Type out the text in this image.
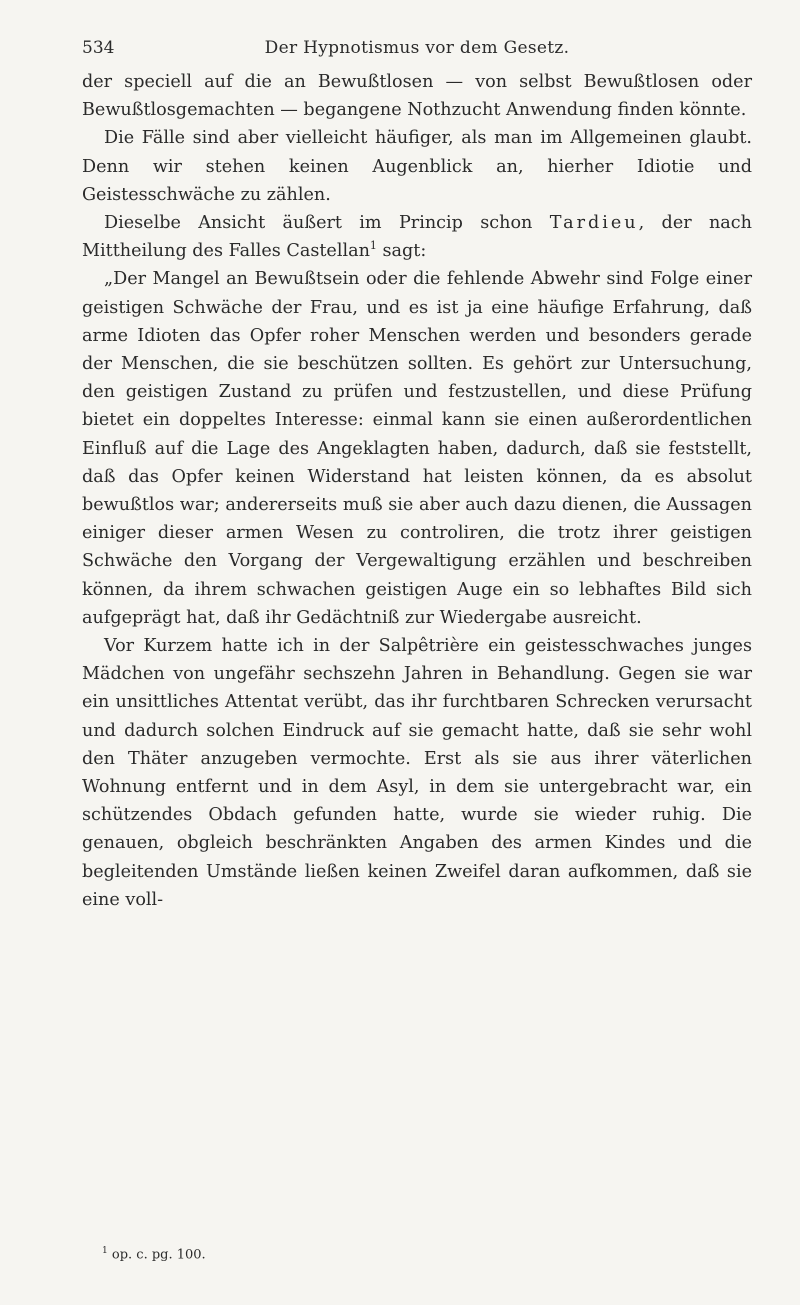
534	Der Hypnotismus vor dem Gesetz.

der speciell auf die an Bewußtlosen — von selbst Bewußtlosen oder Bewußtlosgemachten — begangene Nothzucht Anwendung finden könnte.

Die Fälle sind aber vielleicht häufiger, als man im Allgemeinen glaubt. Denn wir stehen keinen Augenblick an, hierher Idiotie und Geistesschwäche zu zählen.

Dieselbe Ansicht äußert im Princip schon Tardieu, der nach Mittheilung des Falles Castellan$^1$ sagt:

„Der Mangel an Bewußtsein oder die fehlende Abwehr sind Folge einer geistigen Schwäche der Frau, und es ist ja eine häufige Erfahrung, daß arme Idioten das Opfer roher Menschen werden und besonders gerade der Menschen, die sie beschützen sollten. Es gehört zur Untersuchung, den geistigen Zustand zu prüfen und festzustellen, und diese Prüfung bietet ein doppeltes Interesse: einmal kann sie einen außerordentlichen Einfluß auf die Lage des Angeklagten haben, dadurch, daß sie feststellt, daß das Opfer keinen Widerstand hat leisten können, da es absolut bewußtlos war; andererseits muß sie aber auch dazu dienen, die Aussagen einiger dieser armen Wesen zu controliren, die trotz ihrer geistigen Schwäche den Vorgang der Vergewaltigung erzählen und beschreiben können, da ihrem schwachen geistigen Auge ein so lebhaftes Bild sich aufgeprägt hat, daß ihr Gedächtniß zur Wiedergabe ausreicht.

Vor Kurzem hatte ich in der Salpêtrière ein geistesschwaches junges Mädchen von ungefähr sechszehn Jahren in Behandlung. Gegen sie war ein unsittliches Attentat verübt, das ihr furchtbaren Schrecken verursacht und dadurch solchen Eindruck auf sie gemacht hatte, daß sie sehr wohl den Thäter anzugeben vermochte. Erst als sie aus ihrer väterlichen Wohnung entfernt und in dem Asyl, in dem sie untergebracht war, ein schützendes Obdach gefunden hatte, wurde sie wieder ruhig. Die genauen, obgleich beschränkten Angaben des armen Kindes und die begleitenden Umstände ließen keinen Zweifel daran aufkommen, daß sie eine voll-

$^1$ op. c. pg. 100.
